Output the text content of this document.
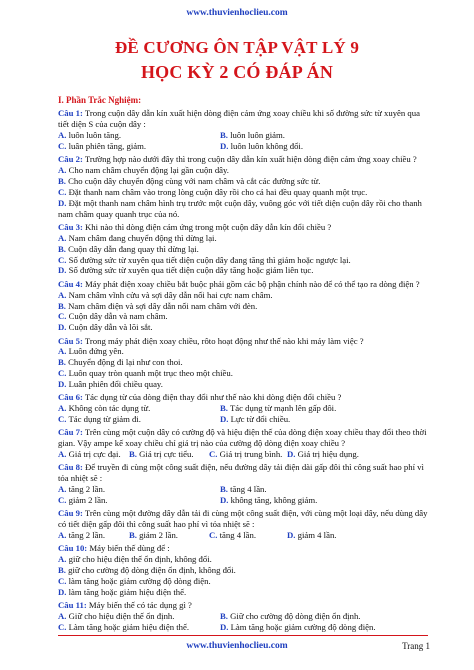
www.thuvienhoclieu.com
ĐỀ CƯƠNG ÔN TẬP VẬT LÝ 9
HỌC KỲ 2 CÓ ĐÁP ÁN
I. Phần Trắc Nghiệm:
Câu 1: Trong cuộn dây dẫn kín xuất hiện dòng điện cảm ứng xoay chiều khi số đường sức từ xuyên qua tiết diện S của cuộn dây :
A. luôn luôn tăng.	B. luôn luôn giảm.
C. luân phiên tăng, giảm.	D. luôn luôn không đổi.
Câu 2: Trường hợp nào dưới đây thì trong cuộn dây dẫn kín xuất hiện dòng điện cảm ứng xoay chiều ?
A. Cho nam châm chuyển động lại gần cuộn dây.
B. Cho cuộn dây chuyển động cùng với nam châm và cắt các đường sức từ.
C. Đặt thanh nam châm vào trong lòng cuộn dây rồi cho cả hai đều quay quanh một trục.
D. Đặt một thanh nam châm hình trụ trước một cuộn dây, vuông góc với tiết diện cuộn dây rồi cho thanh nam châm quay quanh trục của nó.
Câu 3: Khi nào thì dòng điện cảm ứng trong một cuộn dây dẫn kín đổi chiều ?
A. Nam châm đang chuyển động thì dừng lại.
B. Cuộn dây dẫn đang quay thì dừng lại.
C. Số đường sức từ xuyên qua tiết diện cuộn dây đang tăng thì giảm hoặc ngược lại.
D. Số đường sức từ xuyên qua tiết diện cuộn dây tăng hoặc giảm liên tục.
Câu 4: Máy phát điện xoay chiều bắt buộc phải gồm các bộ phận chính nào để có thể tạo ra dòng điện ?
A. Nam châm vĩnh cửu và sợi dây dẫn nối hai cực nam châm.
B. Nam châm điện và sợi dây dẫn nối nam châm với đèn.
C. Cuộn dây dẫn và nam châm.
D. Cuộn dây dẫn và lõi sắt.
Câu 5: Trong máy phát điện xoay chiều, rôto hoạt động như thế nào khi máy làm việc ?
A. Luôn đứng yên.
B. Chuyển động đi lại như con thoi.
C. Luôn quay tròn quanh một trục theo một chiều.
D. Luân phiên đổi chiều quay.
Câu 6: Tác dụng từ của dòng điện thay đổi như thế nào khi dòng điện đổi chiều ?
A. Không còn tác dụng từ.	B. Tác dụng từ mạnh lên gấp đôi.
C. Tác dụng từ giảm đi.	D. Lực từ đổi chiều.
Câu 7: Trên cùng một cuộn dây có cường độ và hiệu điện thế của dòng điện xoay chiều thay đổi theo thời gian. Vậy ampe kế xoay chiều chỉ giá trị nào của cường độ dòng điện xoay chiều ?
A. Giá trị cực đại. B. Giá trị cực tiểu.	C. Giá trị trung bình. D. Giá trị hiệu dụng.
Câu 8: Để truyền đi cùng một công suất điện, nếu đường dây tải điện dài gấp đôi thì công suất hao phí vì tỏa nhiệt sẽ :
A. tăng 2 lần.	B. tăng 4 lần.
C. giảm 2 lần.	D. không tăng, không giảm.
Câu 9: Trên cùng một đường dây dẫn tải đi cùng một công suất điện, với cùng một loại dây, nếu dùng dây có tiết diện gấp đôi thì công suất hao phí vì tỏa nhiệt sẽ :
A. tăng 2 lần.	B. giảm 2 lần.	C. tăng 4 lần.	D. giảm 4 lần.
Câu 10: Máy biến thế dùng để :
A. giữ cho hiệu điện thế ổn định, không đổi.
B. giữ cho cường độ dòng điện ổn định, không đổi.
C. làm tăng hoặc giảm cường độ dòng điện.
D. làm tăng hoặc giảm hiệu điện thế.
Câu 11: Máy biến thế có tác dụng gì ?
A. Giữ cho hiệu điện thế ổn định.	B. Giữ cho cường độ dòng điện ổn định.
C. Làm tăng hoặc giảm hiệu điện thế.	D. Làm tăng hoặc giảm cường độ dòng điện.
www.thuvienhoclieu.com	Trang 1
